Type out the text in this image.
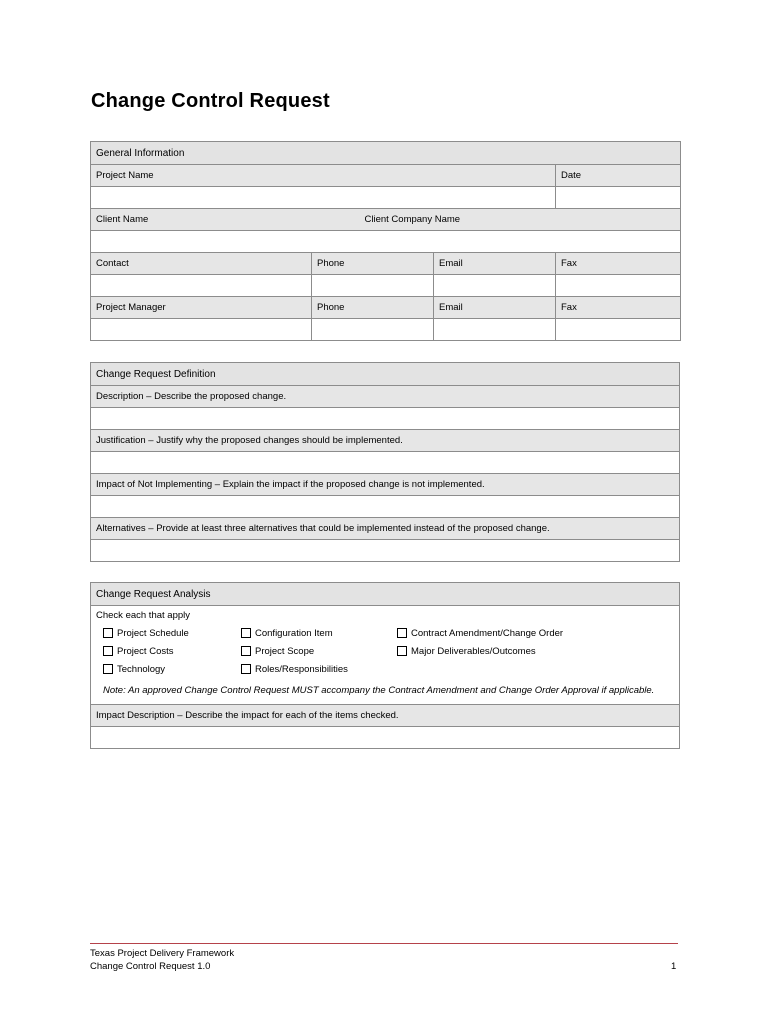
Change Control Request
General Information			
Project Name			Date

Client Name		Client Company Name	

Contact	Phone	Email	Fax

Project Manager	Phone	Email	Fax

Change Request Definition
Description – Describe the proposed change.

Justification – Justify why the proposed changes should be implemented.

Impact of Not Implementing – Explain the impact if the proposed change is not implemented.

Alternatives – Provide at least three alternatives that could be implemented instead of the proposed change.

Change Request Analysis

Check each that apply

Project Schedule	Configuration Item	Contract Amendment/Change Order
Project Costs	Project Scope	Major Deliverables/Outcomes
Technology	Roles/Responsibilities

Note: An approved Change Control Request MUST accompany the Contract Amendment and Change Order Approval if applicable.

Impact Description – Describe the impact for each of the items checked.

Texas Project Delivery Framework
Change Control Request 1.0	1
